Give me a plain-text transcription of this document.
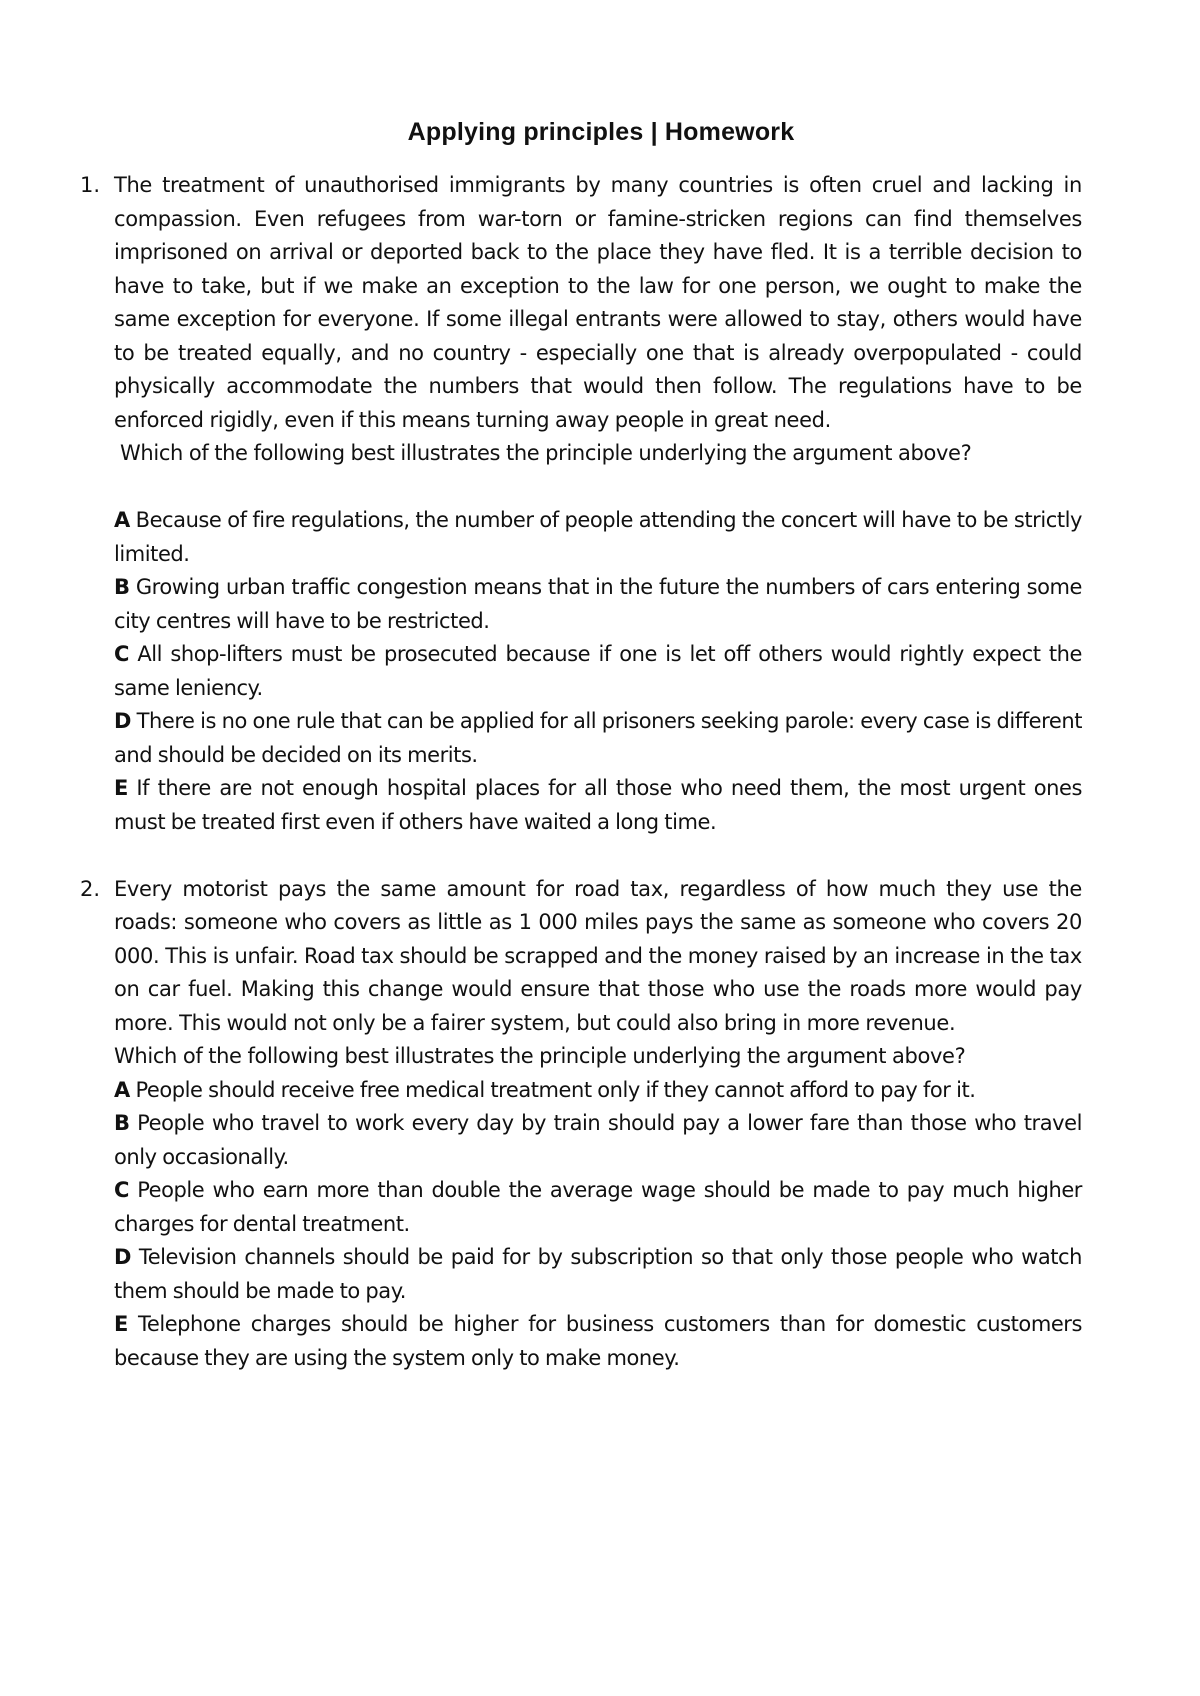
Applying principles | Homework
1. The treatment of unauthorised immigrants by many countries is often cruel and lacking in compassion. Even refugees from war-torn or famine-stricken regions can find themselves imprisoned on arrival or deported back to the place they have fled. It is a terrible decision to have to take, but if we make an exception to the law for one person, we ought to make the same exception for everyone. If some illegal entrants were allowed to stay, others would have to be treated equally, and no country - especially one that is already overpopulated - could physically accommodate the numbers that would then follow. The regulations have to be enforced rigidly, even if this means turning away people in great need.

Which of the following best illustrates the principle underlying the argument above?

A Because of fire regulations, the number of people attending the concert will have to be strictly limited.

B Growing urban traffic congestion means that in the future the numbers of cars entering some city centres will have to be restricted.

C All shop-lifters must be prosecuted because if one is let off others would rightly expect the same leniency.

D There is no one rule that can be applied for all prisoners seeking parole: every case is different and should be decided on its merits.

E If there are not enough hospital places for all those who need them, the most urgent ones must be treated first even if others have waited a long time.

2. Every motorist pays the same amount for road tax, regardless of how much they use the roads: someone who covers as little as 1 000 miles pays the same as someone who covers 20 000. This is unfair. Road tax should be scrapped and the money raised by an increase in the tax on car fuel. Making this change would ensure that those who use the roads more would pay more. This would not only be a fairer system, but could also bring in more revenue.

Which of the following best illustrates the principle underlying the argument above?

A People should receive free medical treatment only if they cannot afford to pay for it.

B People who travel to work every day by train should pay a lower fare than those who travel only occasionally.

C People who earn more than double the average wage should be made to pay much higher charges for dental treatment.

D Television channels should be paid for by subscription so that only those people who watch them should be made to pay.

E Telephone charges should be higher for business customers than for domestic customers because they are using the system only to make money.
